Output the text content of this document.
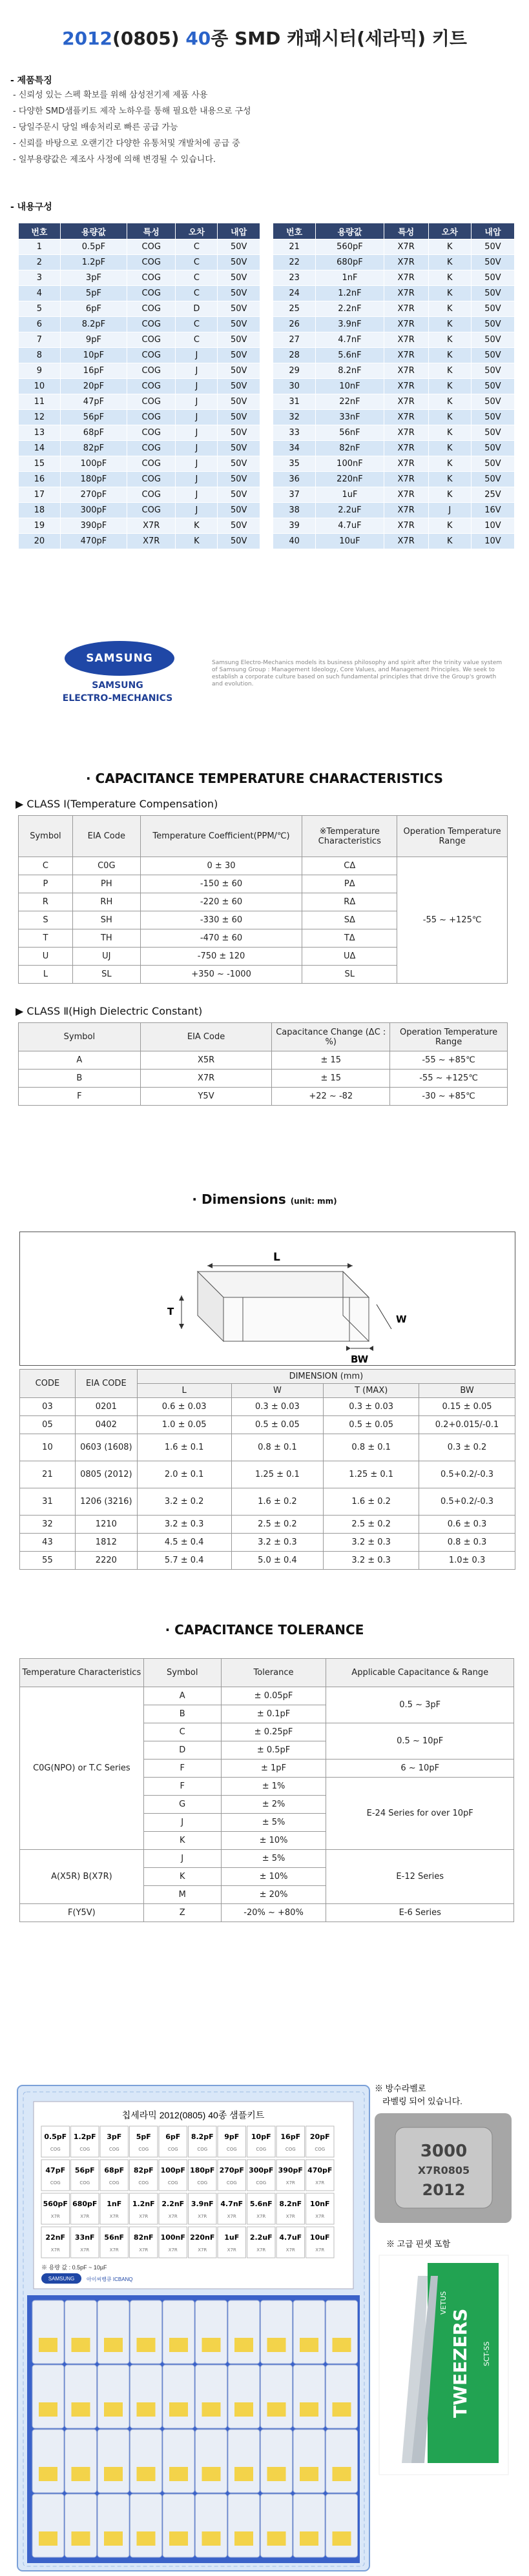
2012(0805) 40종 SMD 캐패시터(세라믹) 키트
- 제품특징
- 신뢰성 있는 스펙 확보를 위해 삼성전기제 제품 사용
- 다양한 SMD샘플키트 제작 노하우를 통해 필요한 내용으로 구성
- 당일주문시 당일 배송처리로 빠른 공급 가능
- 신뢰를 바탕으로 오랜기간 다양한 유통처및 개발처에 공급 중
- 일부용량값은 제조사 사정에 의해 변경될 수 있습니다.
- 내용구성
번호	용량값	특성	오차	내압
1	0.5pF	COG	C	50V
2	1.2pF	COG	C	50V
3	3pF	COG	C	50V
4	5pF	COG	C	50V
5	6pF	COG	D	50V
6	8.2pF	COG	C	50V
7	9pF	COG	C	50V
8	10pF	COG	J	50V
9	16pF	COG	J	50V
10	20pF	COG	J	50V
11	47pF	COG	J	50V
12	56pF	COG	J	50V
13	68pF	COG	J	50V
14	82pF	COG	J	50V
15	100pF	COG	J	50V
16	180pF	COG	J	50V
17	270pF	COG	J	50V
18	300pF	COG	J	50V
19	390pF	X7R	K	50V
20	470pF	X7R	K	50V
번호	용량값	특성	오차	내압
21	560pF	X7R	K	50V
22	680pF	X7R	K	50V
23	1nF	X7R	K	50V
24	1.2nF	X7R	K	50V
25	2.2nF	X7R	K	50V
26	3.9nF	X7R	K	50V
27	4.7nF	X7R	K	50V
28	5.6nF	X7R	K	50V
29	8.2nF	X7R	K	50V
30	10nF	X7R	K	50V
31	22nF	X7R	K	50V
32	33nF	X7R	K	50V
33	56nF	X7R	K	50V
34	82nF	X7R	K	50V
35	100nF	X7R	K	50V
36	220nF	X7R	K	50V
37	1uF	X7R	K	25V
38	2.2uF	X7R	J	16V
39	4.7uF	X7R	K	10V
40	10uF	X7R	K	10V
SAMSUNG
SAMSUNG
ELECTRO-MECHANICS
Samsung Electro-Mechanics models its business philosophy and spirit after the trinity value system of Samsung Group : Management Ideology, Core Values, and Management Principles. We seek to establish a corporate culture based on such fundamental principles that drive the Group's growth and evolution.
· CAPACITANCE TEMPERATURE CHARACTERISTICS
▶ CLASS Ⅰ(Temperature Compensation)
Symbol	EIA Code	Temperature Coefficient(PPM/℃)	※Temperature Characteristics	Operation Temperature Range
C	C0G	0 ± 30	CΔ	-55 ~ +125℃
P	PH	-150 ± 60	PΔ	
R	RH	-220 ± 60	RΔ	
S	SH	-330 ± 60	SΔ	
T	TH	-470 ± 60	TΔ	
U	UJ	-750 ± 120	UΔ	
L	SL	+350 ~ -1000	SL	
▶ CLASS Ⅱ(High Dielectric Constant)
Symbol	EIA Code	Capacitance Change (ΔC : %)	Operation Temperature Range
A	X5R	± 15	-55 ~ +85℃
B	X7R	± 15	-55 ~ +125℃
F	Y5V	+22 ~ -82	-30 ~ +85℃
· Dimensions (unit: mm)
L
T
W
BW
CODE	EIA CODE	DIMENSION (mm)			
		L	W	T (MAX)	BW
03	0201	0.6 ± 0.03	0.3 ± 0.03	0.3 ± 0.03	0.15 ± 0.05
05	0402	1.0 ± 0.05	0.5 ± 0.05	0.5 ± 0.05	0.2+0.015/-0.1
10	0603 (1608)	1.6 ± 0.1	0.8 ± 0.1	0.8 ± 0.1	0.3 ± 0.2
21	0805 (2012)	2.0 ± 0.1	1.25 ± 0.1	1.25 ± 0.1	0.5+0.2/-0.3
31	1206 (3216)	3.2 ± 0.2	1.6 ± 0.2	1.6 ± 0.2	0.5+0.2/-0.3
32	1210	3.2 ± 0.3	2.5 ± 0.2	2.5 ± 0.2	0.6 ± 0.3
43	1812	4.5 ± 0.4	3.2 ± 0.3	3.2 ± 0.3	0.8 ± 0.3
55	2220	5.7 ± 0.4	5.0 ± 0.4	3.2 ± 0.3	1.0± 0.3
· CAPACITANCE TOLERANCE
Temperature Characteristics	Symbol	Tolerance	Applicable Capacitance & Range
C0G(NPO) or T.C Series	A	± 0.05pF	0.5 ~ 3pF
	B	± 0.1pF	
	C	± 0.25pF	0.5 ~ 10pF
	D	± 0.5pF	
	F	± 1pF	6 ~ 10pF
	F	± 1%	E-24 Series for over 10pF
	G	± 2%	
	J	± 5%	
	K	± 10%	
A(X5R) B(X7R)	J	± 5%	E-12 Series
	K	± 10%	
	M	± 20%	
F(Y5V)	Z	-20% ~ +80%	E-6 Series
칩세라믹 2012(0805) 40종 샘플키트
0.5pF
COG
1.2pF
COG
3pF
COG
5pF
COG
6pF
COG
8.2pF
COG
9pF
COG
10pF
COG
16pF
COG
20pF
COG
47pF
COG
56pF
COG
68pF
COG
82pF
COG
100pF
COG
180pF
COG
270pF
COG
300pF
COG
390pF
X7R
470pF
X7R
560pF
X7R
680pF
X7R
1nF
X7R
1.2nF
X7R
2.2nF
X7R
3.9nF
X7R
4.7nF
X7R
5.6nF
X7R
8.2nF
X7R
10nF
X7R
22nF
X7R
33nF
X7R
56nF
X7R
82nF
X7R
100nF
X7R
220nF
X7R
1uF
X7R
2.2uF
X7R
4.7uF
X7R
10uF
X7R
※ 용량 값 : 0.5pF ~ 10µF
SAMSUNG 아이씨뱅큐 ICBANQ
※ 방수라벨로
라벨링 되어 있습니다.
3000
X7R0805
2012
※ 고급 핀셋 포함
TWEEZERS SCT-SS
VETUS
